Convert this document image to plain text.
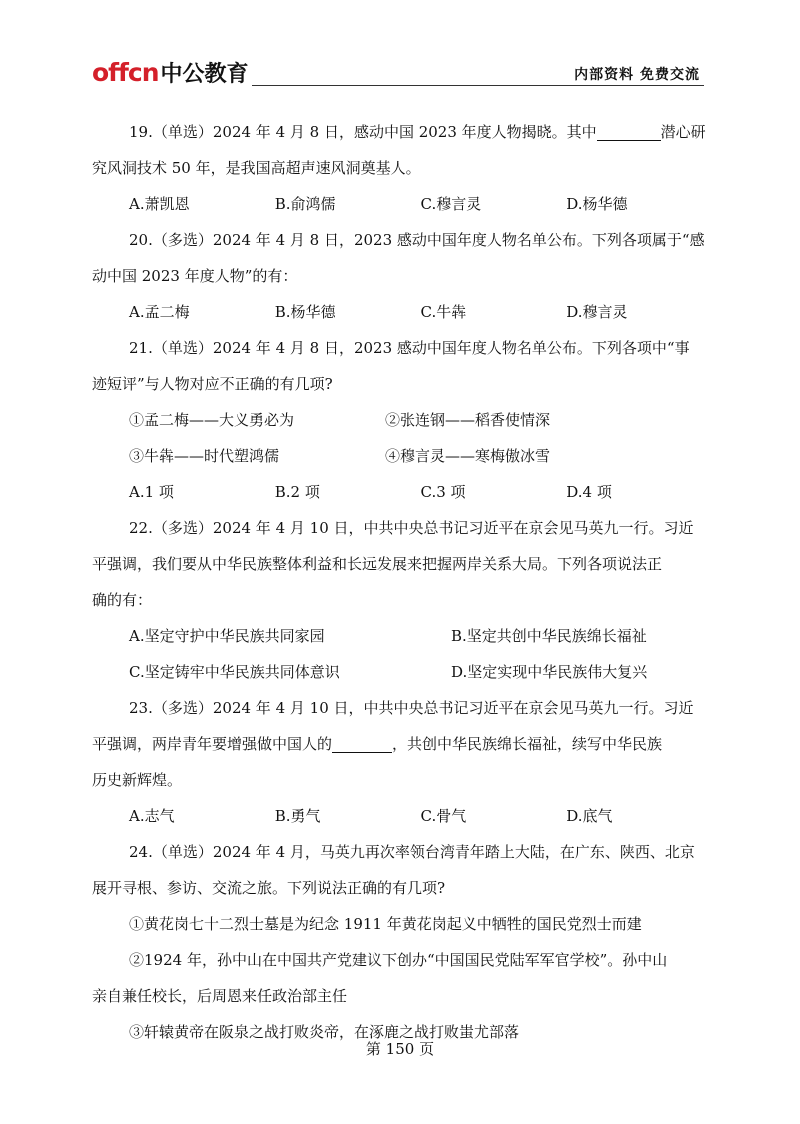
offcn中公教育	内部资料 免费交流
19.（单选）2024 年 4 月 8 日，感动中国 2023 年度人物揭晓。其中	潜心研
究风洞技术 50 年，是我国高超声速风洞奠基人。
A.萧凯恩	B.俞鸿儒	C.穆言灵	D.杨华德
20.（多选）2024 年 4 月 8 日，2023 感动中国年度人物名单公布。下列各项属于“感
动中国 2023 年度人物”的有：
A.孟二梅	B.杨华德	C.牛犇	D.穆言灵
21.（单选）2024 年 4 月 8 日，2023 感动中国年度人物名单公布。下列各项中“事
迹短评”与人物对应不正确的有几项?
①孟二梅——大义勇必为	②张连钢——稻香使情深
③牛犇——时代塑鸿儒	④穆言灵——寒梅傲冰雪
A.1 项	B.2 项	C.3 项	D.4 项
22.（多选）2024 年 4 月 10 日，中共中央总书记习近平在京会见马英九一行。习近
平强调，我们要从中华民族整体利益和长远发展来把握两岸关系大局。下列各项说法正
确的有：
A.坚定守护中华民族共同家园	B.坚定共创中华民族绵长福祉
C.坚定铸牢中华民族共同体意识	D.坚定实现中华民族伟大复兴
23.（多选）2024 年 4 月 10 日，中共中央总书记习近平在京会见马英九一行。习近
平强调，两岸青年要增强做中国人的	，共创中华民族绵长福祉，续写中华民族
历史新辉煌。
A.志气	B.勇气	C.骨气	D.底气
24.（单选）2024 年 4 月，马英九再次率领台湾青年踏上大陆，在广东、陕西、北京
展开寻根、参访、交流之旅。下列说法正确的有几项?
①黄花岗七十二烈士墓是为纪念 1911 年黄花岗起义中牺牲的国民党烈士而建
②1924 年，孙中山在中国共产党建议下创办“中国国民党陆军军官学校”。孙中山
亲自兼任校长，后周恩来任政治部主任
③轩辕黄帝在阪泉之战打败炎帝，在涿鹿之战打败蚩尤部落
第 150 页
